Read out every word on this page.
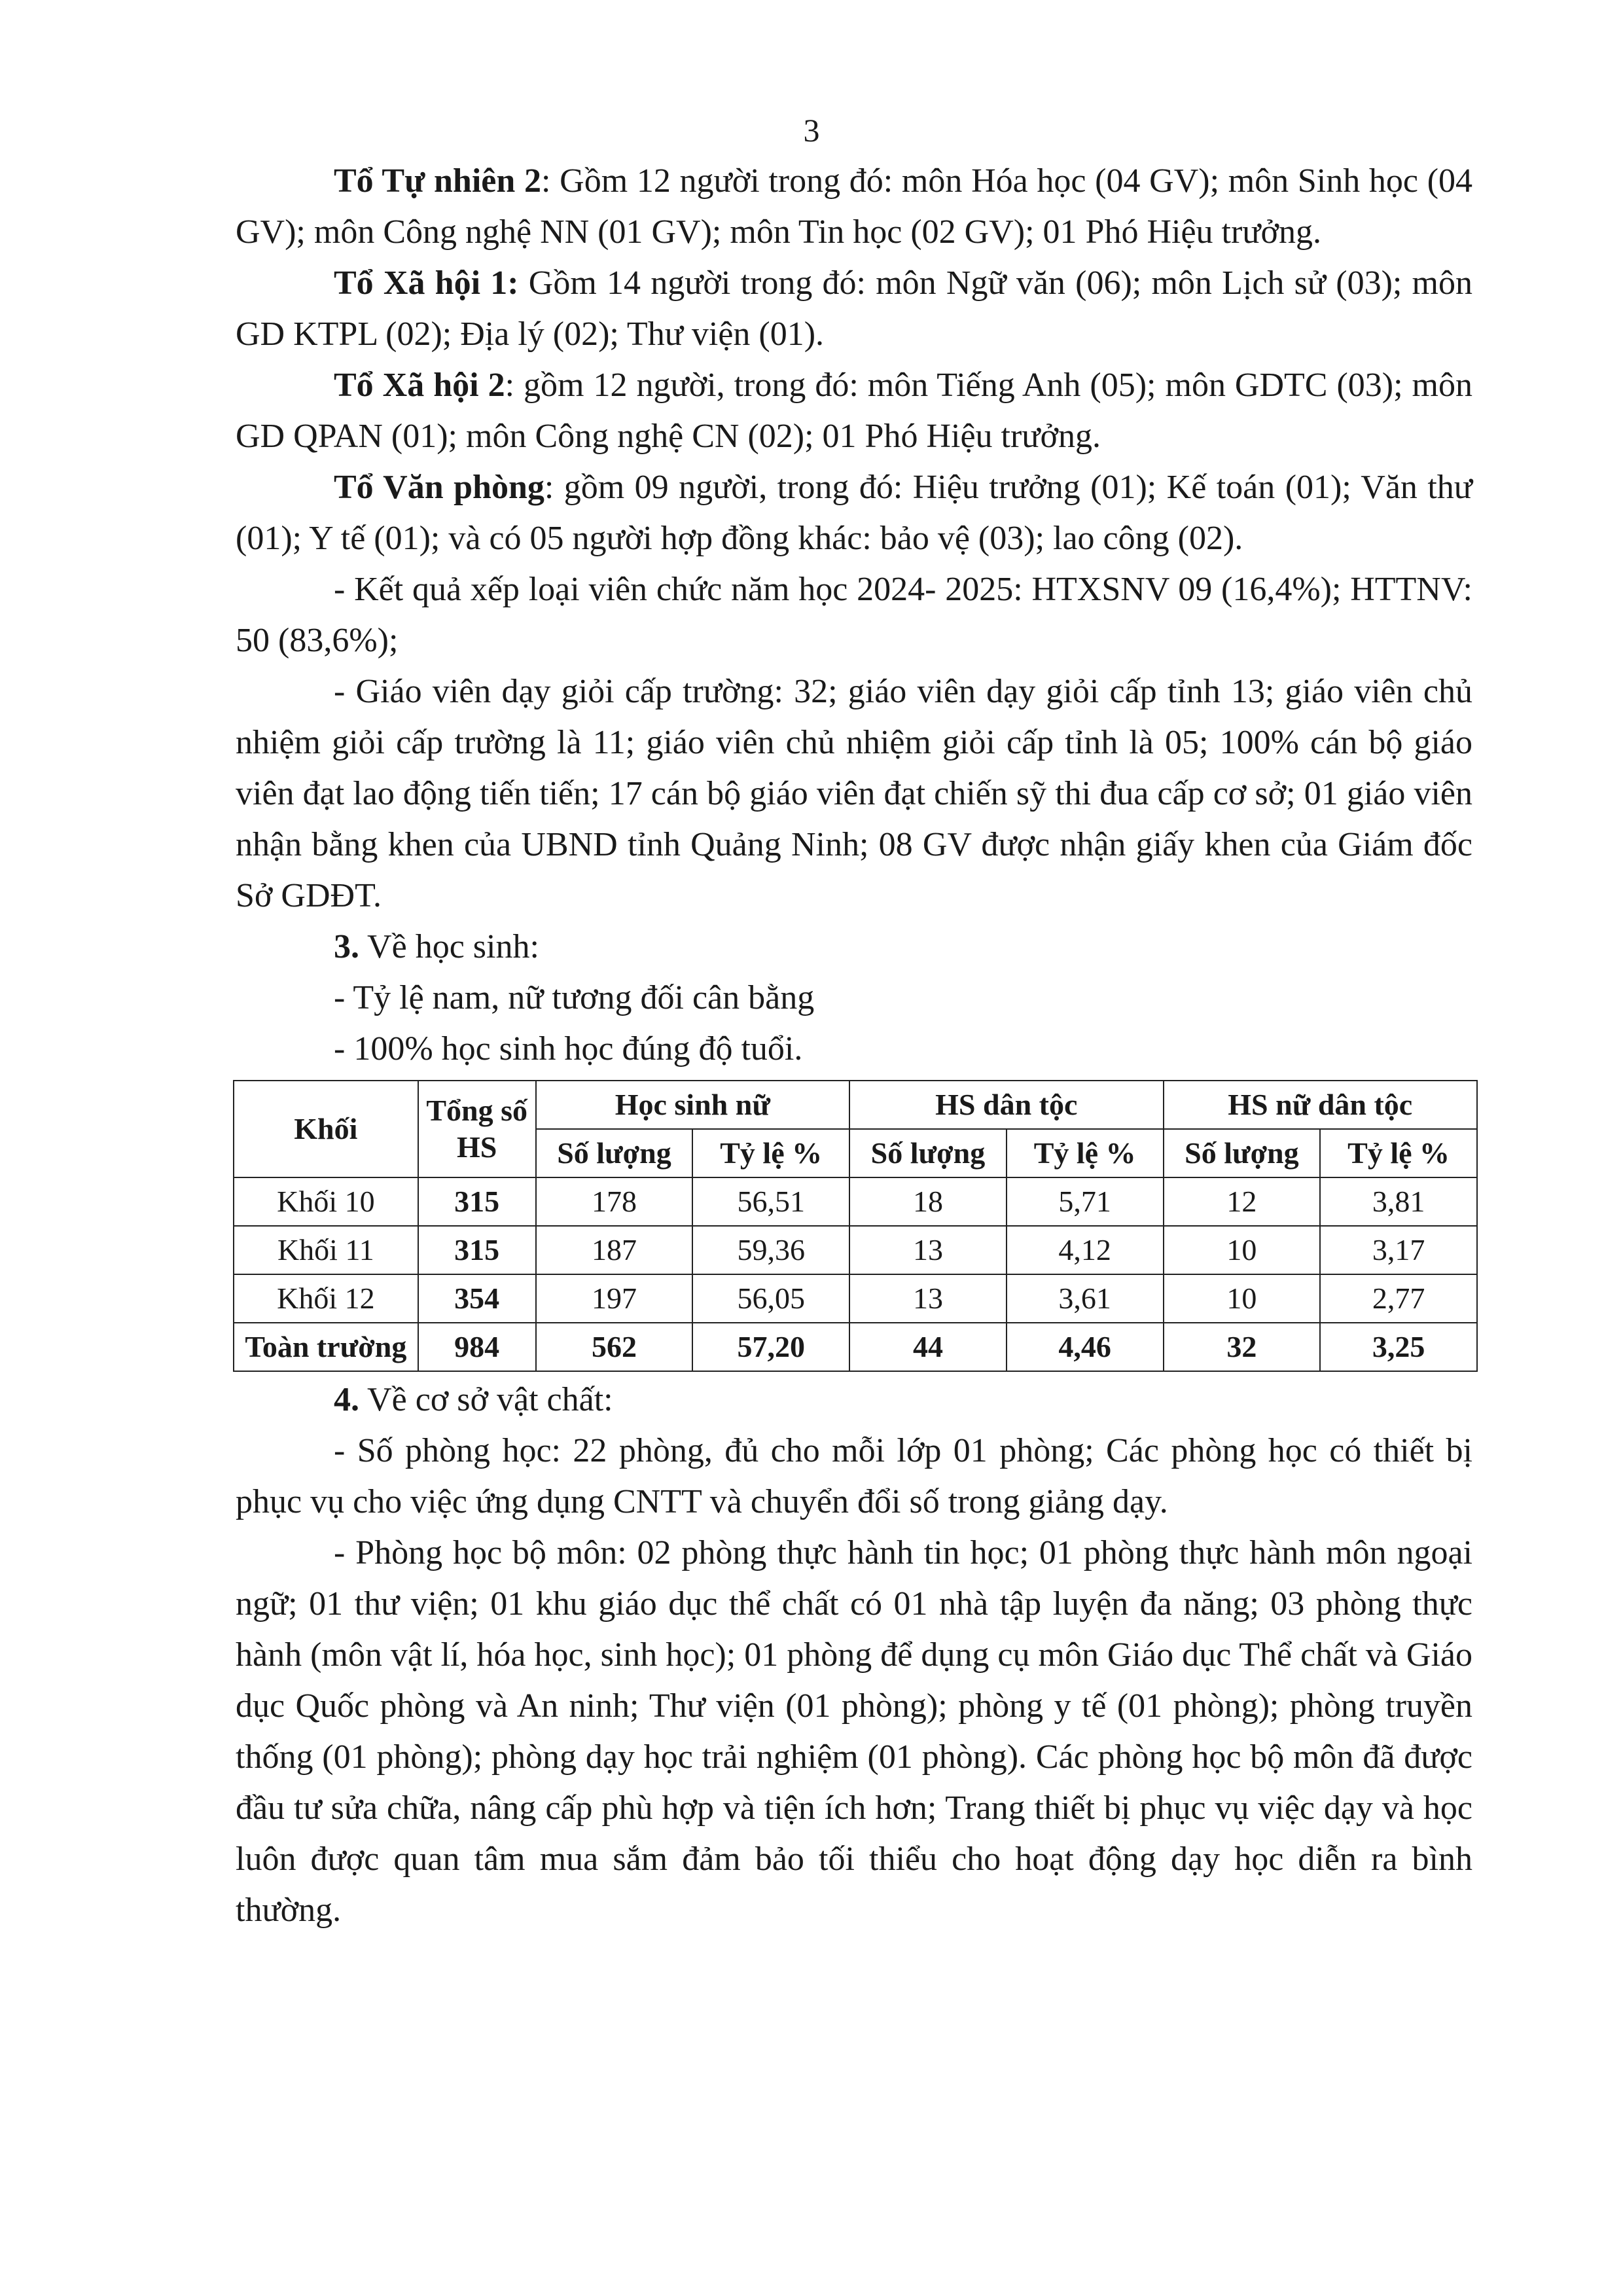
3

Tổ Tự nhiên 2: Gồm 12 người trong đó: môn Hóa học (04 GV); môn Sinh học (04 GV); môn Công nghệ NN (01 GV); môn Tin học (02 GV); 01 Phó Hiệu trưởng.

Tổ Xã hội 1: Gồm 14 người trong đó: môn Ngữ văn (06); môn Lịch sử (03); môn GD KTPL (02); Địa lý (02); Thư viện (01).

Tổ Xã hội 2: gồm 12 người, trong đó: môn Tiếng Anh (05); môn GDTC (03); môn GD QPAN (01); môn Công nghệ CN (02); 01 Phó Hiệu trưởng.

Tổ Văn phòng: gồm 09 người, trong đó: Hiệu trưởng (01); Kế toán (01); Văn thư (01); Y tế (01); và có 05 người hợp đồng khác: bảo vệ (03); lao công (02).

- Kết quả xếp loại viên chức năm học 2024- 2025: HTXSNV 09 (16,4%); HTTNV: 50 (83,6%);

- Giáo viên dạy giỏi cấp trường: 32; giáo viên dạy giỏi cấp tỉnh 13; giáo viên chủ nhiệm giỏi cấp trường là 11; giáo viên chủ nhiệm giỏi cấp tỉnh là 05; 100% cán bộ giáo viên đạt lao động tiến tiến; 17 cán bộ giáo viên đạt chiến sỹ thi đua cấp cơ sở; 01 giáo viên nhận bằng khen của UBND tỉnh Quảng Ninh; 08 GV được nhận giấy khen của Giám đốc Sở GDĐT.

3. Về học sinh:

- Tỷ lệ nam, nữ tương đối cân bằng

- 100% học sinh học đúng độ tuổi.

Khối	Tổng số HS	Học sinh nữ		HS dân tộc		HS nữ dân tộc	
		Số lượng	Tỷ lệ %	Số lượng	Tỷ lệ %	Số lượng	Tỷ lệ %
Khối 10	315	178	56,51	18	5,71	12	3,81
Khối 11	315	187	59,36	13	4,12	10	3,17
Khối 12	354	197	56,05	13	3,61	10	2,77
Toàn trường	984	562	57,20	44	4,46	32	3,25

4. Về cơ sở vật chất:

- Số phòng học: 22 phòng, đủ cho mỗi lớp 01 phòng; Các phòng học có thiết bị phục vụ cho việc ứng dụng CNTT và chuyển đổi số trong giảng dạy.

- Phòng học bộ môn: 02 phòng thực hành tin học; 01 phòng thực hành môn ngoại ngữ; 01 thư viện; 01 khu giáo dục thể chất có 01 nhà tập luyện đa năng; 03 phòng thực hành (môn vật lí, hóa học, sinh học); 01 phòng để dụng cụ môn Giáo dục Thể chất và Giáo dục Quốc phòng và An ninh; Thư viện (01 phòng); phòng y tế (01 phòng); phòng truyền thống (01 phòng); phòng dạy học trải nghiệm (01 phòng). Các phòng học bộ môn đã được đầu tư sửa chữa, nâng cấp phù hợp và tiện ích hơn; Trang thiết bị phục vụ việc dạy và học luôn được quan tâm mua sắm đảm bảo tối thiểu cho hoạt động dạy học diễn ra bình thường.
